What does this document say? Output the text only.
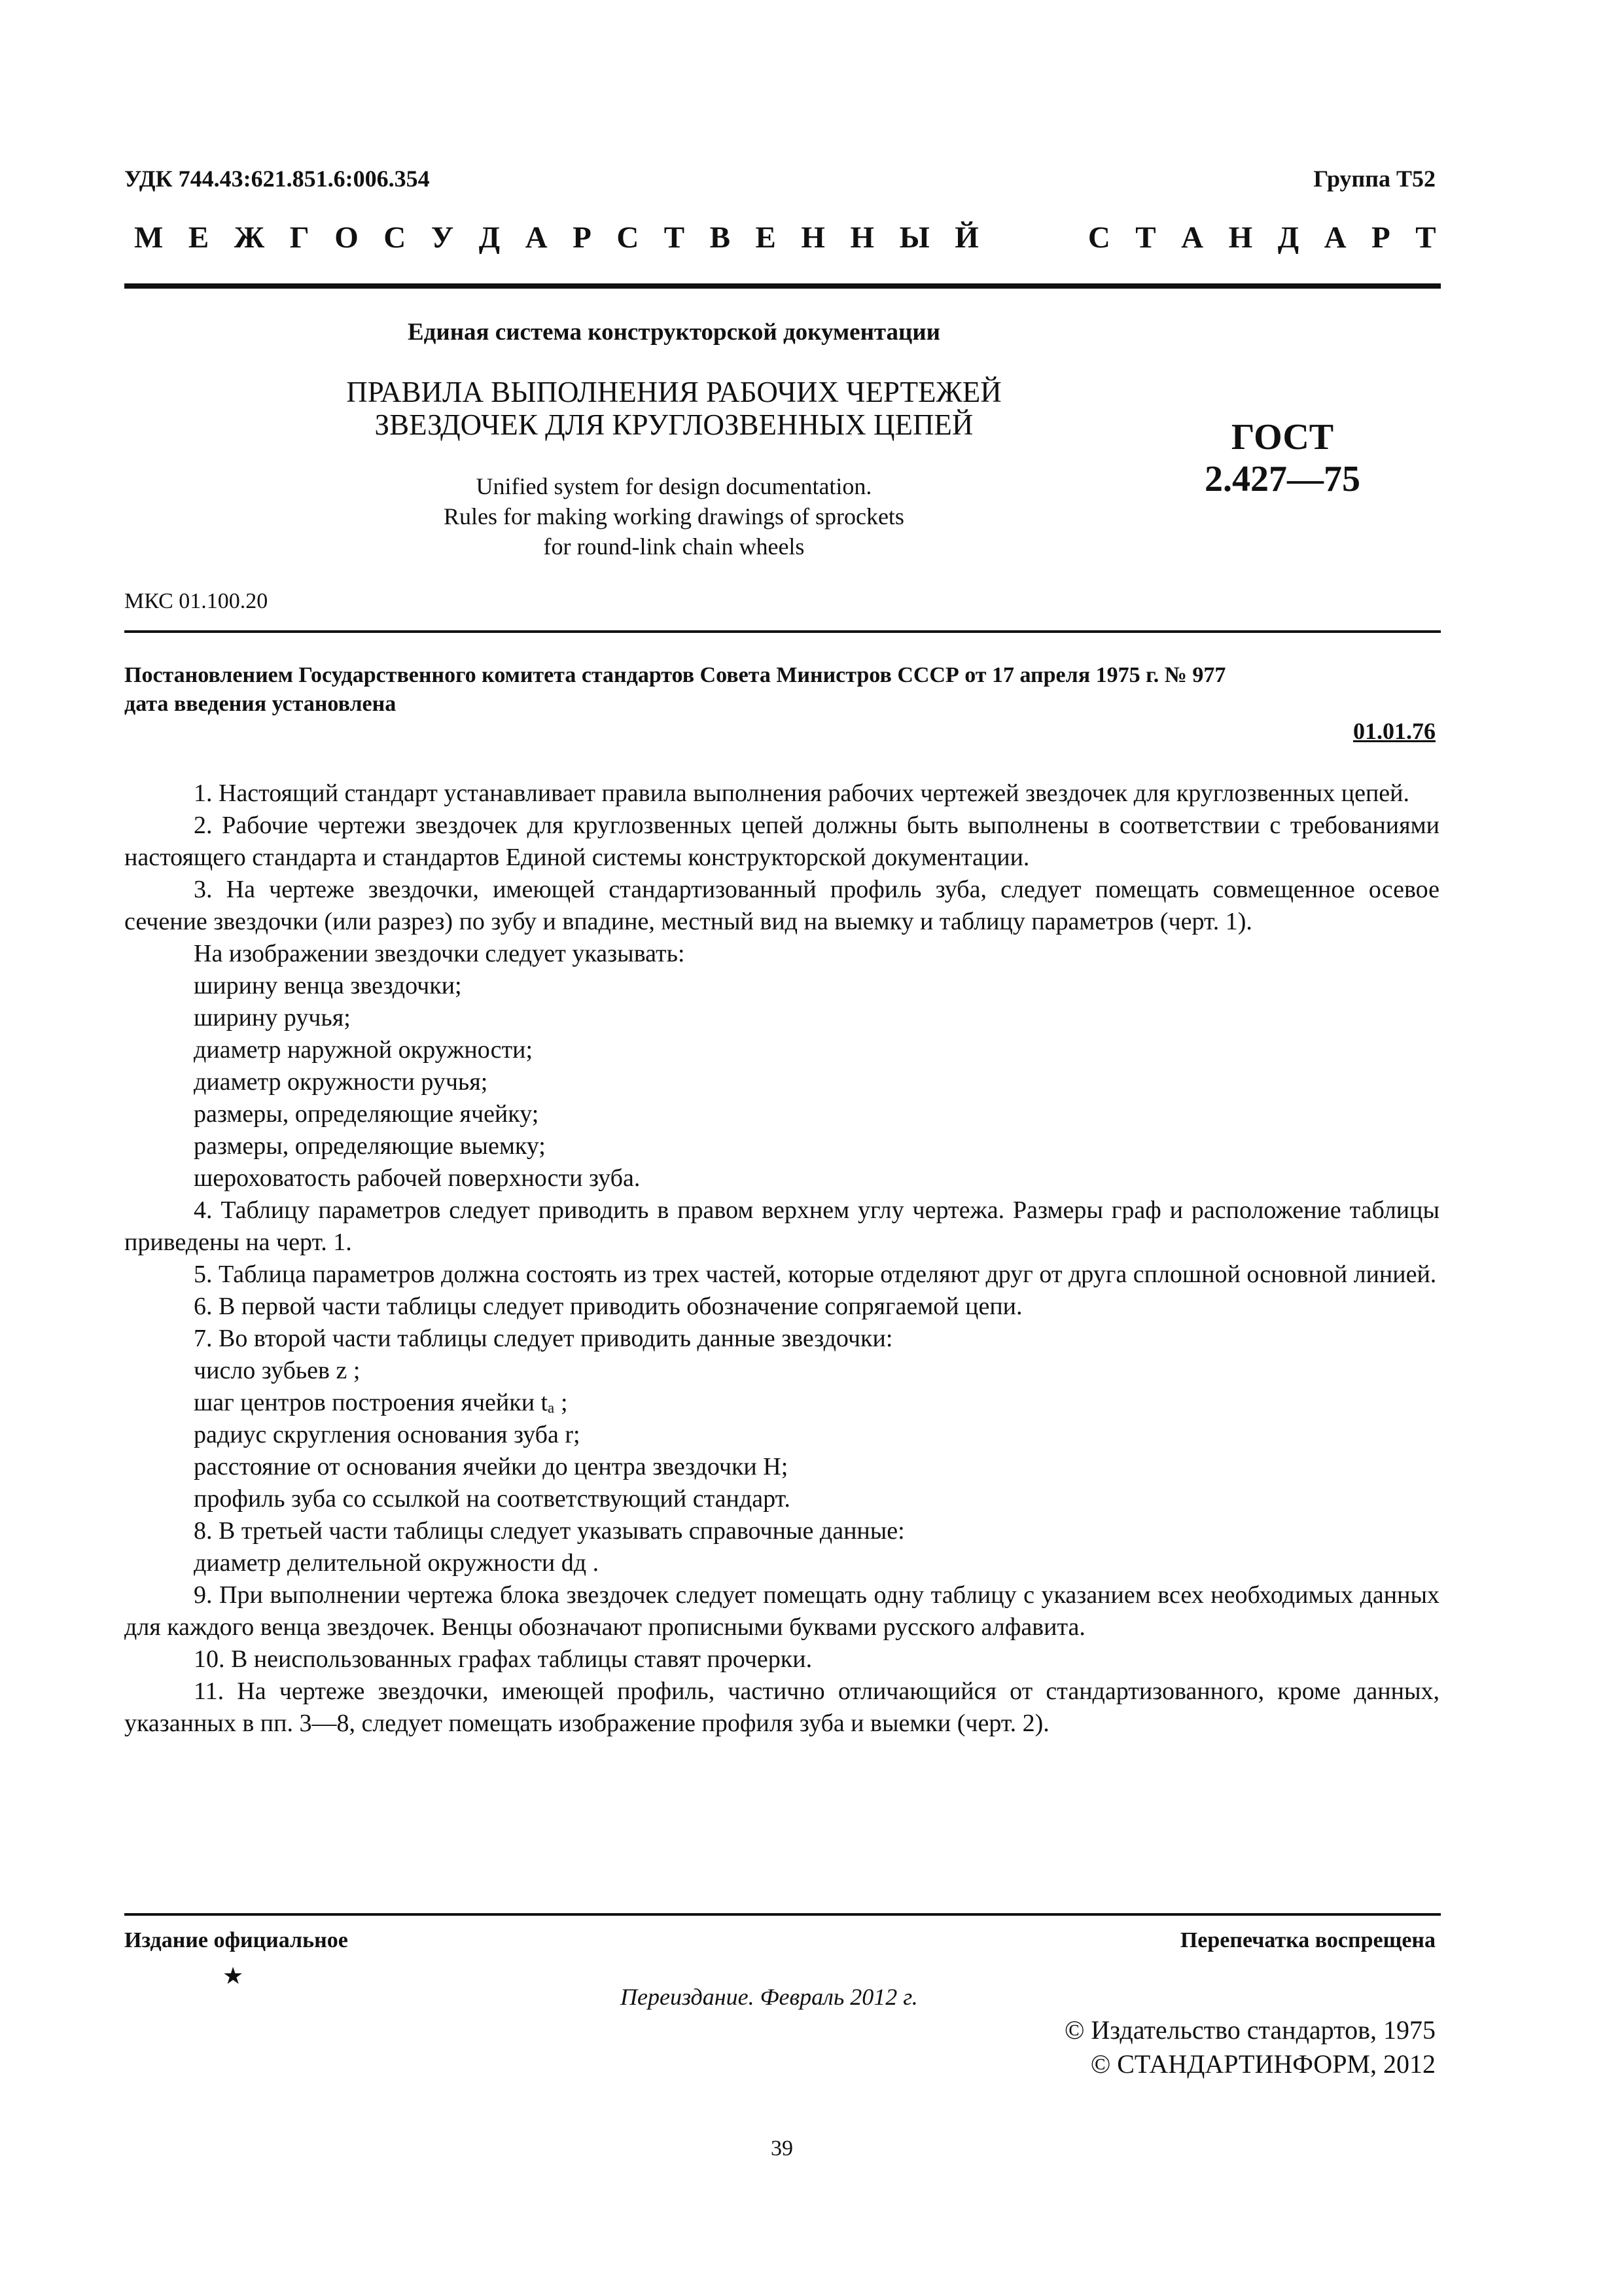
УДК 744.43:621.851.6:006.354	Группа Т52
М Е Ж Г О С У Д А Р С Т В Е Н Н Ы Й	С Т А Н Д А Р Т
Единая система конструкторской документации
ПРАВИЛА ВЫПОЛНЕНИЯ РАБОЧИХ ЧЕРТЕЖЕЙ
ЗВЕЗДОЧЕК ДЛЯ КРУГЛОЗВЕННЫХ ЦЕПЕЙ
Unified system for design documentation.
Rules for making working drawings of sprockets
for round-link chain wheels
ГОСТ
2.427—75
МКС 01.100.20
Постановлением Государственного комитета стандартов Совета Министров СССР от 17 апреля 1975 г. № 977
дата введения установлена
01.01.76

1. Настоящий стандарт устанавливает правила выполнения рабочих чертежей звездочек для круглозвенных цепей.

2. Рабочие чертежи звездочек для круглозвенных цепей должны быть выполнены в соответствии с требованиями настоящего стандарта и стандартов Единой системы конструкторской документации.

3. На чертеже звездочки, имеющей стандартизованный профиль зуба, следует помещать совмещенное осевое сечение звездочки (или разрез) по зубу и впадине, местный вид на выемку и таблицу параметров (черт. 1).

На изображении звездочки следует указывать:

ширину венца звездочки;

ширину ручья;

диаметр наружной окружности;

диаметр окружности ручья;

размеры, определяющие ячейку;

размеры, определяющие выемку;

шероховатость рабочей поверхности зуба.

4. Таблицу параметров следует приводить в правом верхнем углу чертежа. Размеры граф и расположение таблицы приведены на черт. 1.

5. Таблица параметров должна состоять из трех частей, которые отделяют друг от друга сплошной основной линией.

6. В первой части таблицы следует приводить обозначение сопрягаемой цепи.

7. Во второй части таблицы следует приводить данные звездочки:

число зубьев z ;

шаг центров построения ячейки tₐ ;

радиус скругления основания зуба r;

расстояние от основания ячейки до центра звездочки H;

профиль зуба со ссылкой на соответствующий стандарт.

8. В третьей части таблицы следует указывать справочные данные:

диаметр делительной окружности dд .

9. При выполнении чертежа блока звездочек следует помещать одну таблицу с указанием всех необходимых данных для каждого венца звездочек. Венцы обозначают прописными буквами русского алфавита.

10. В неиспользованных графах таблицы ставят прочерки.

11. На чертеже звездочки, имеющей профиль, частично отличающийся от стандартизованного, кроме данных, указанных в пп. 3—8, следует помещать изображение профиля зуба и выемки (черт. 2).

Издание официальное
★
Перепечатка воспрещена
Переиздание. Февраль 2012 г.
© Издательство стандартов, 1975
© СТАНДАРТИНФОРМ, 2012
39
